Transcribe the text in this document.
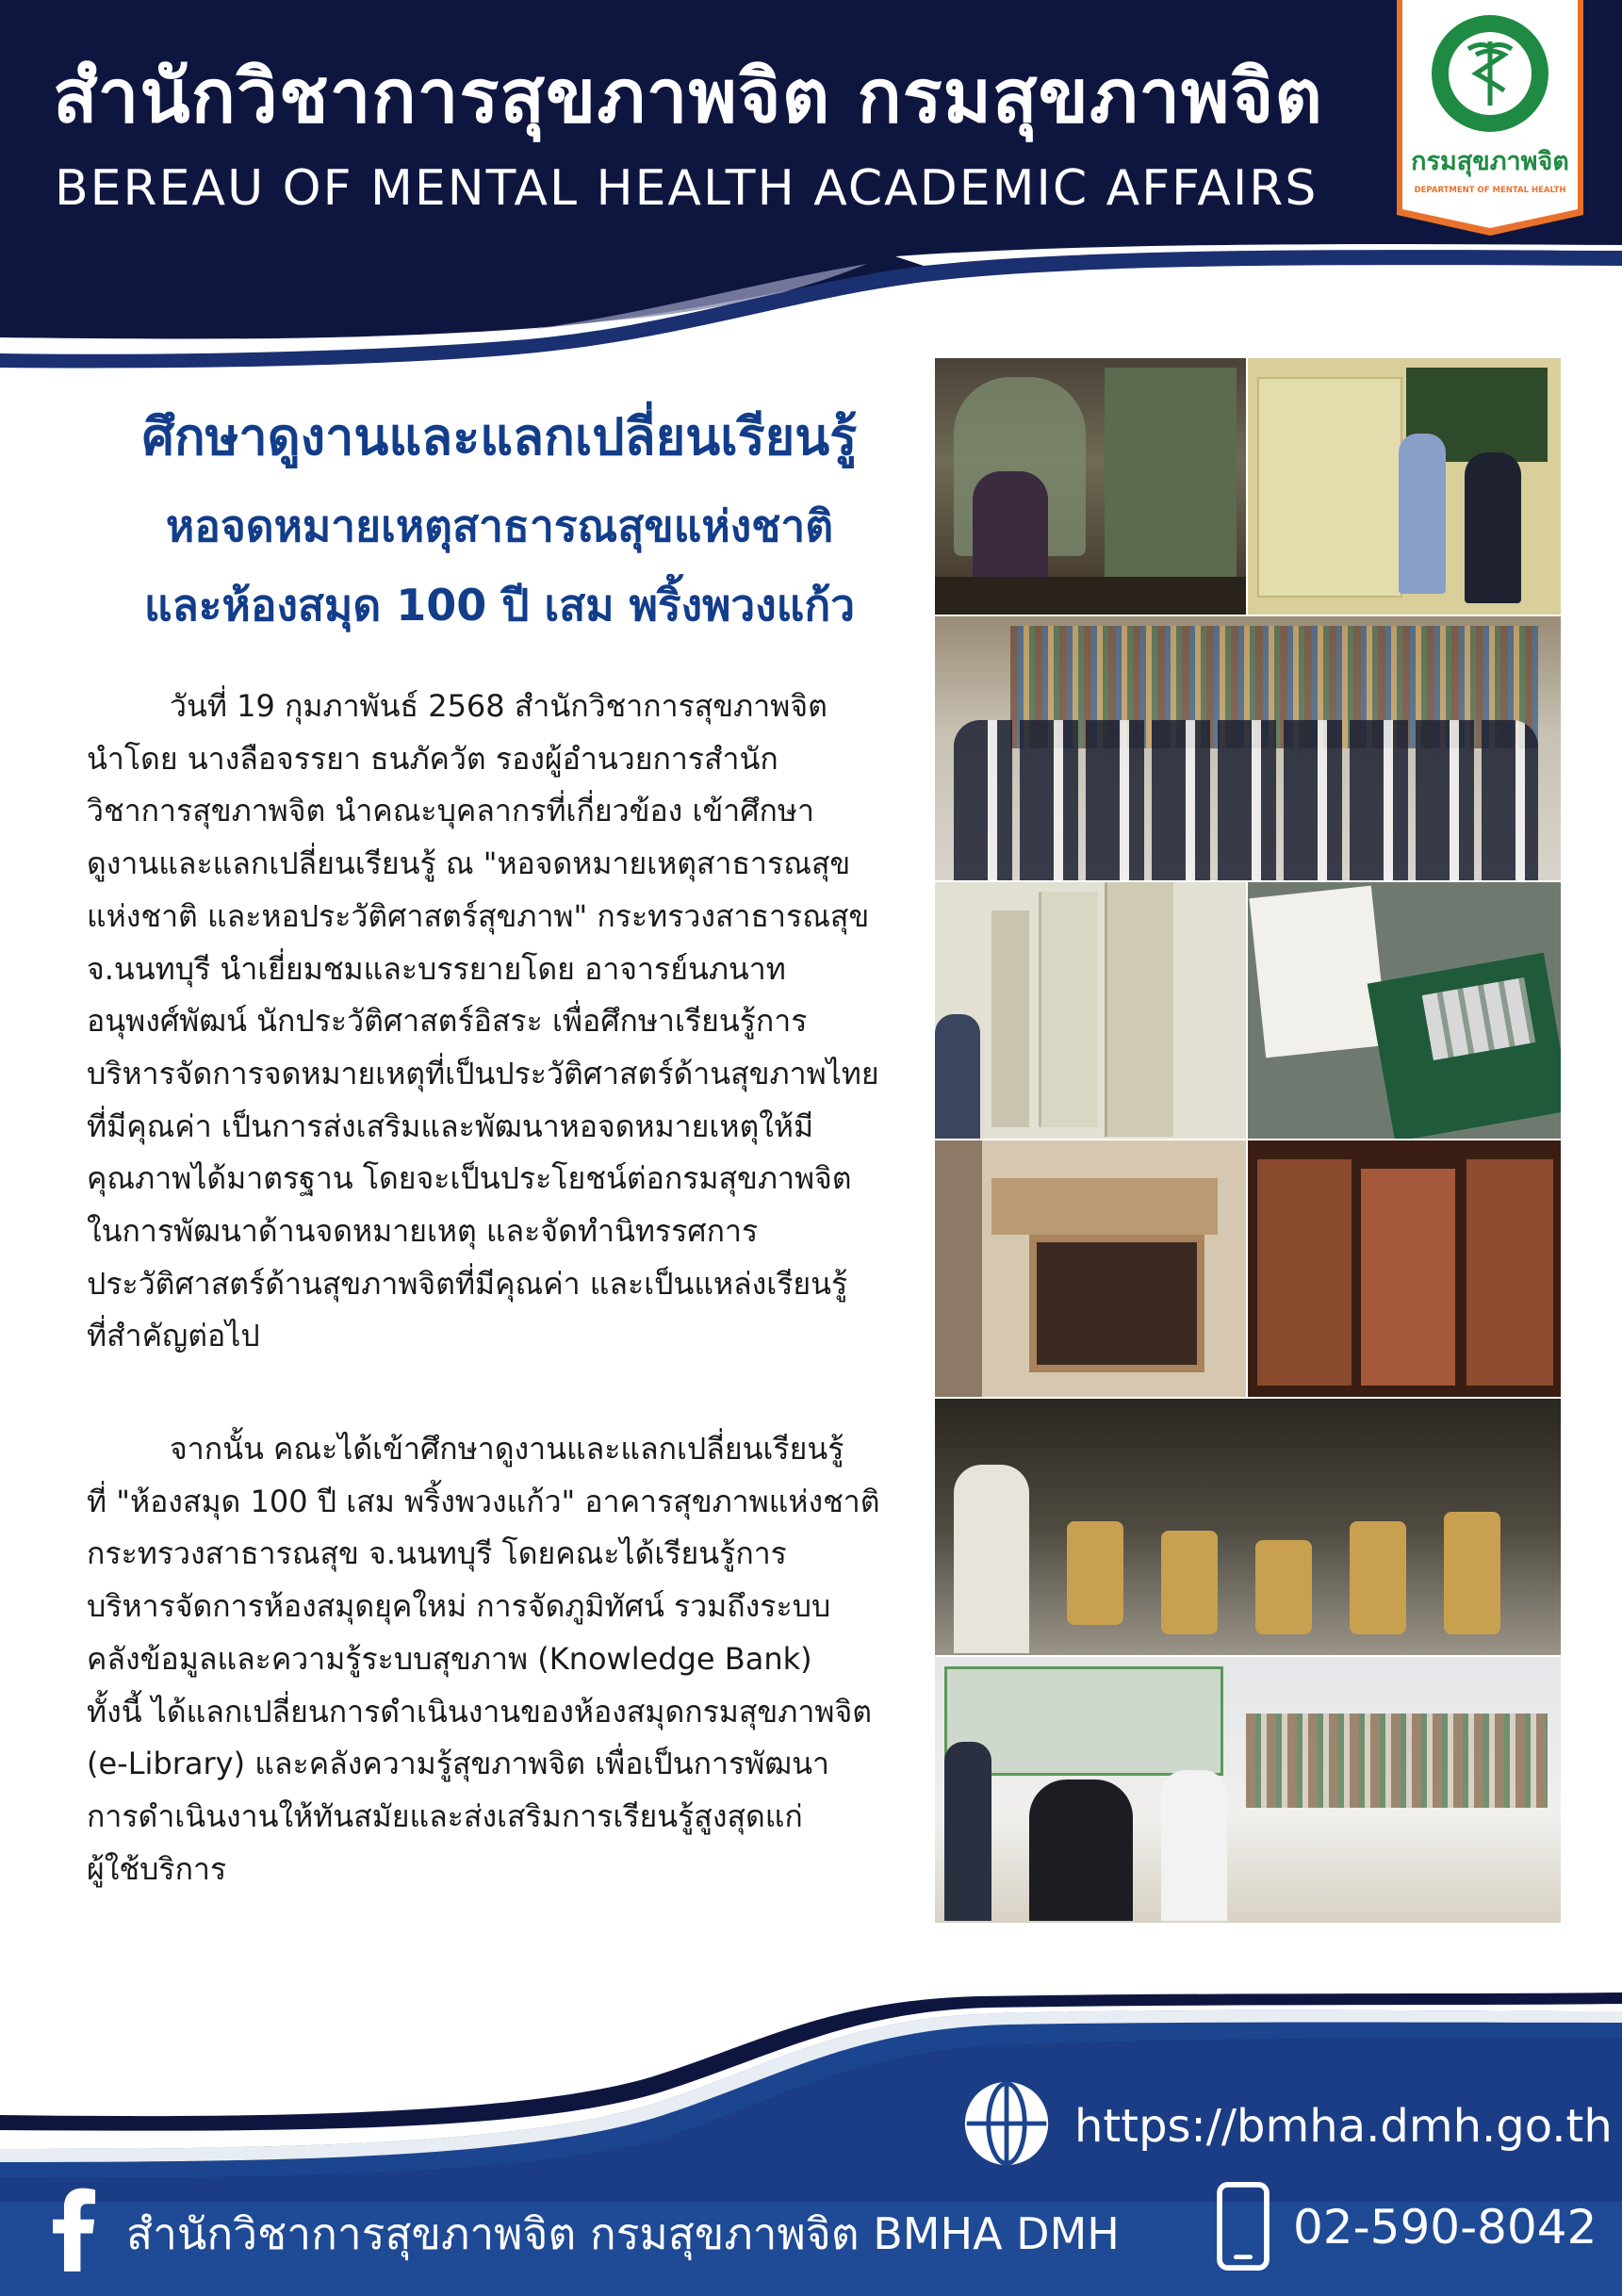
สำนักวิชาการสุขภาพจิต กรมสุขภาพจิต
BEREAU OF MENTAL HEALTH ACADEMIC AFFAIRS	กรมสุขภาพจิต
DEPARTMENT OF MENTAL HEALTH
ศึกษาดูงานและแลกเปลี่ยนเรียนรู้
หอจดหมายเหตุสาธารณสุขแห่งชาติ
และห้องสมุด 100 ปี เสม พริ้งพวงแก้ว

วันที่ 19 กุมภาพันธ์ 2568 สำนักวิชาการสุขภาพจิต

นำโดย นางลือจรรยา ธนภัควัต รองผู้อำนวยการสำนัก

วิชาการสุขภาพจิต นำคณะบุคลากรที่เกี่ยวข้อง เข้าศึกษา

ดูงานและแลกเปลี่ยนเรียนรู้ ณ "หอจดหมายเหตุสาธารณสุข

แห่งชาติ และหอประวัติศาสตร์สุขภาพ" กระทรวงสาธารณสุข

จ.นนทบุรี นำเยี่ยมชมและบรรยายโดย อาจารย์นภนาท

อนุพงศ์พัฒน์ นักประวัติศาสตร์อิสระ เพื่อศึกษาเรียนรู้การ

บริหารจัดการจดหมายเหตุที่เป็นประวัติศาสตร์ด้านสุขภาพไทย

ที่มีคุณค่า เป็นการส่งเสริมและพัฒนาหอจดหมายเหตุให้มี

คุณภาพได้มาตรฐาน โดยจะเป็นประโยชน์ต่อกรมสุขภาพจิต

ในการพัฒนาด้านจดหมายเหตุ และจัดทำนิทรรศการ

ประวัติศาสตร์ด้านสุขภาพจิตที่มีคุณค่า และเป็นแหล่งเรียนรู้

ที่สำคัญต่อไป

จากนั้น คณะได้เข้าศึกษาดูงานและแลกเปลี่ยนเรียนรู้

ที่ "ห้องสมุด 100 ปี เสม พริ้งพวงแก้ว" อาคารสุขภาพแห่งชาติ

กระทรวงสาธารณสุข จ.นนทบุรี โดยคณะได้เรียนรู้การ

บริหารจัดการห้องสมุดยุคใหม่ การจัดภูมิทัศน์ รวมถึงระบบ

คลังข้อมูลและความรู้ระบบสุขภาพ (Knowledge Bank)

ทั้งนี้ ได้แลกเปลี่ยนการดำเนินงานของห้องสมุดกรมสุขภาพจิต

(e-Library) และคลังความรู้สุขภาพจิต เพื่อเป็นการพัฒนา

การดำเนินงานให้ทันสมัยและส่งเสริมการเรียนรู้สูงสุดแก่

ผู้ใช้บริการ

https://bmha.dmh.go.th
สำนักวิชาการสุขภาพจิต กรมสุขภาพจิต BMHA DMH	02-590-8042
